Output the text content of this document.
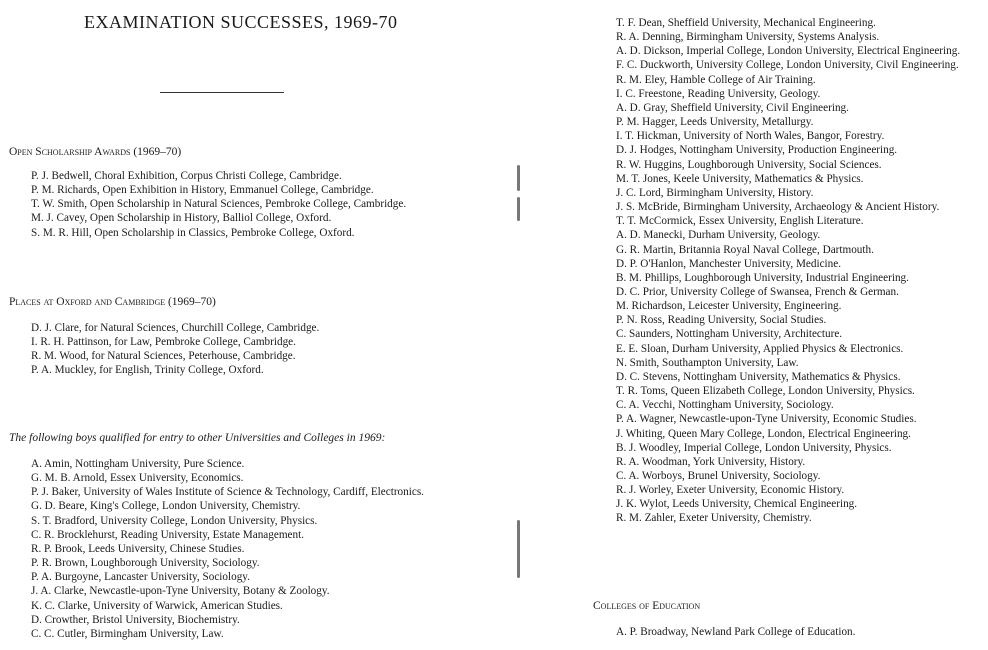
EXAMINATION SUCCESSES, 1969-70
Open Scholarship Awards (1969–70)
P. J. Bedwell, Choral Exhibition, Corpus Christi College, Cambridge.
P. M. Richards, Open Exhibition in History, Emmanuel College, Cambridge.
T. W. Smith, Open Scholarship in Natural Sciences, Pembroke College, Cambridge.
M. J. Cavey, Open Scholarship in History, Balliol College, Oxford.
S. M. R. Hill, Open Scholarship in Classics, Pembroke College, Oxford.
Places at Oxford and Cambridge (1969–70)
D. J. Clare, for Natural Sciences, Churchill College, Cambridge.
I. R. H. Pattinson, for Law, Pembroke College, Cambridge.
R. M. Wood, for Natural Sciences, Peterhouse, Cambridge.
P. A. Muckley, for English, Trinity College, Oxford.
The following boys qualified for entry to other Universities and Colleges in 1969:
A. Amin, Nottingham University, Pure Science.
G. M. B. Arnold, Essex University, Economics.
P. J. Baker, University of Wales Institute of Science & Technology, Cardiff, Electronics.
G. D. Beare, King's College, London University, Chemistry.
S. T. Bradford, University College, London University, Physics.
C. R. Brocklehurst, Reading University, Estate Management.
R. P. Brook, Leeds University, Chinese Studies.
P. R. Brown, Loughborough University, Sociology.
P. A. Burgoyne, Lancaster University, Sociology.
J. A. Clarke, Newcastle-upon-Tyne University, Botany & Zoology.
K. C. Clarke, University of Warwick, American Studies.
D. Crowther, Bristol University, Biochemistry.
C. C. Cutler, Birmingham University, Law.
T. F. Dean, Sheffield University, Mechanical Engineering.
R. A. Denning, Birmingham University, Systems Analysis.
A. D. Dickson, Imperial College, London University, Electrical Engineering.
F. C. Duckworth, University College, London University, Civil Engineering.
R. M. Eley, Hamble College of Air Training.
I. C. Freestone, Reading University, Geology.
A. D. Gray, Sheffield University, Civil Engineering.
P. M. Hagger, Leeds University, Metallurgy.
I. T. Hickman, University of North Wales, Bangor, Forestry.
D. J. Hodges, Nottingham University, Production Engineering.
R. W. Huggins, Loughborough University, Social Sciences.
M. T. Jones, Keele University, Mathematics & Physics.
J. C. Lord, Birmingham University, History.
J. S. McBride, Birmingham University, Archaeology & Ancient History.
T. T. McCormick, Essex University, English Literature.
A. D. Manecki, Durham University, Geology.
G. R. Martin, Britannia Royal Naval College, Dartmouth.
D. P. O'Hanlon, Manchester University, Medicine.
B. M. Phillips, Loughborough University, Industrial Engineering.
D. C. Prior, University College of Swansea, French & German.
M. Richardson, Leicester University, Engineering.
P. N. Ross, Reading University, Social Studies.
C. Saunders, Nottingham University, Architecture.
E. E. Sloan, Durham University, Applied Physics & Electronics.
N. Smith, Southampton University, Law.
D. C. Stevens, Nottingham University, Mathematics & Physics.
T. R. Toms, Queen Elizabeth College, London University, Physics.
C. A. Vecchi, Nottingham University, Sociology.
P. A. Wagner, Newcastle-upon-Tyne University, Economic Studies.
J. Whiting, Queen Mary College, London, Electrical Engineering.
B. J. Woodley, Imperial College, London University, Physics.
R. A. Woodman, York University, History.
C. A. Worboys, Brunel University, Sociology.
R. J. Worley, Exeter University, Economic History.
J. K. Wylot, Leeds University, Chemical Engineering.
R. M. Zahler, Exeter University, Chemistry.
Colleges of Education
A. P. Broadway, Newland Park College of Education.
